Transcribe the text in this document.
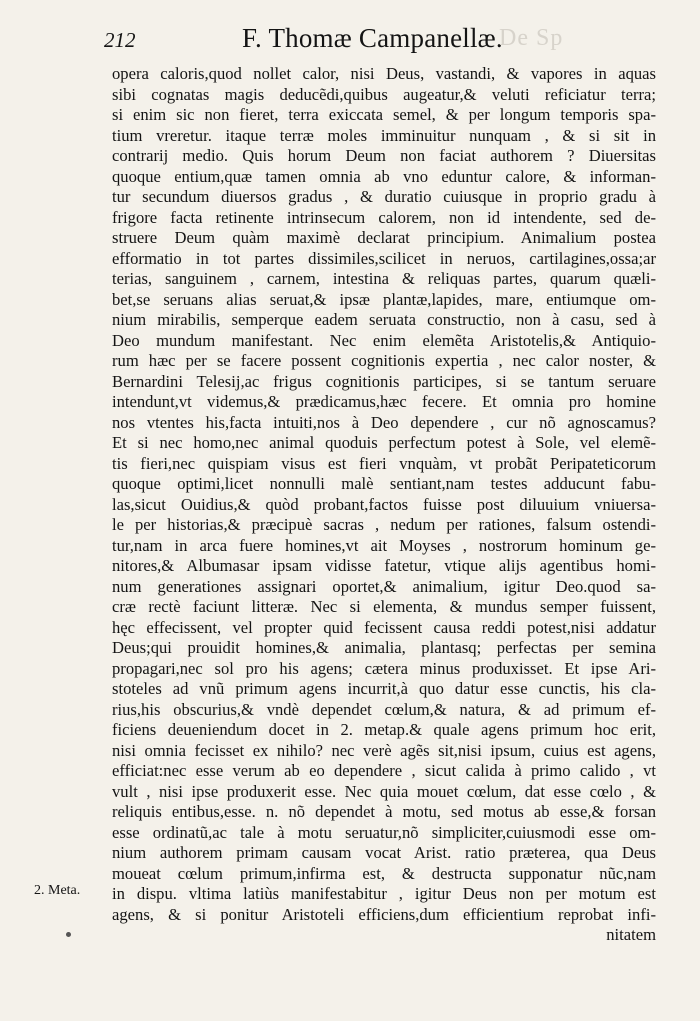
212	F. Thomæ Campanellæ.
De Sp
opera caloris,quod nollet calor, nisi Deus, vastandi, & vapores in aquas
sibi cognatas magis deducẽdi,quibus augeatur,& veluti reficiatur terra;
si enim sic non fieret, terra exiccata semel, & per longum temporis spa-
tium vreretur. itaque terræ moles imminuitur nunquam , & si sit in
contrarij medio. Quis horum Deum non faciat authorem ? Diuersitas
quoque entium,quæ tamen omnia ab vno eduntur calore, & informan-
tur secundum diuersos gradus , & duratio cuiusque in proprio gradu à
frigore facta retinente intrinsecum calorem, non id intendente, sed de-
struere Deum quàm maximè declarat principium. Animalium postea
efformatio in tot partes dissimiles,scilicet in neruos, cartilagines,ossa;ar
terias, sanguinem , carnem, intestina & reliquas partes, quarum quæli-
bet,se seruans alias seruat,& ipsæ plantæ,lapides, mare, entiumque om-
nium mirabilis, semperque eadem seruata constructio, non à casu, sed à
Deo mundum manifestant. Nec enim elemẽta Aristotelis,& Antiquio-
rum hæc per se facere possent cognitionis expertia , nec calor noster, &
Bernardini Telesij,ac frigus cognitionis participes, si se tantum seruare
intendunt,vt videmus,& prædicamus,hæc fecere. Et omnia pro homine
nos vtentes his,facta intuiti,nos à Deo dependere , cur nõ agnoscamus?
Et si nec homo,nec animal quoduis perfectum potest à Sole, vel elemẽ-
tis fieri,nec quispiam visus est fieri vnquàm, vt probãt Peripateticorum
quoque optimi,licet nonnulli malè sentiant,nam testes adducunt fabu-
las,sicut Ouidius,& quòd probant,factos fuisse post diluuium vniuersa-
le per historias,& præcipuè sacras , nedum per rationes, falsum ostendi-
tur,nam in arca fuere homines,vt ait Moyses , nostrorum hominum ge-
nitores,& Albumasar ipsam vidisse fatetur, vtique alijs agentibus homi-
num generationes assignari oportet,& animalium, igitur Deo.quod sa-
cræ rectè faciunt litteræ. Nec si elementa, & mundus semper fuissent,
hęc effecissent, vel propter quid fecissent causa reddi potest,nisi addatur
Deus;qui prouidit homines,& animalia, plantasq; perfectas per semina
propagari,nec sol pro his agens; cætera minus produxisset. Et ipse Ari-
stoteles ad vnũ primum agens incurrit,à quo datur esse cunctis, his cla-
rius,his obscurius,& vndè dependet cœlum,& natura, & ad primum ef-
ficiens deueniendum docet in 2. metap.& quale agens primum hoc erit,
nisi omnia fecisset ex nihilo? nec verè agẽs sit,nisi ipsum, cuius est agens,
efficiat:nec esse verum ab eo dependere , sicut calida à primo calido , vt
vult , nisi ipse produxerit esse. Nec quia mouet cœlum, dat esse cœlo , &
reliquis entibus,esse. n. nõ dependet à motu, sed motus ab esse,& forsan
esse ordinatũ,ac tale à motu seruatur,nõ simpliciter,cuiusmodi esse om-
nium authorem primam causam vocat Arist. ratio præterea, qua Deus
moueat cœlum primum,infirma est, & destructa supponatur nũc,nam
in dispu. vltima latiùs manifestabitur , igitur Deus non per motum est
agens, & si ponitur Aristoteli efficiens,dum efficientium reprobat infi-
nitatem
2. Meta.
